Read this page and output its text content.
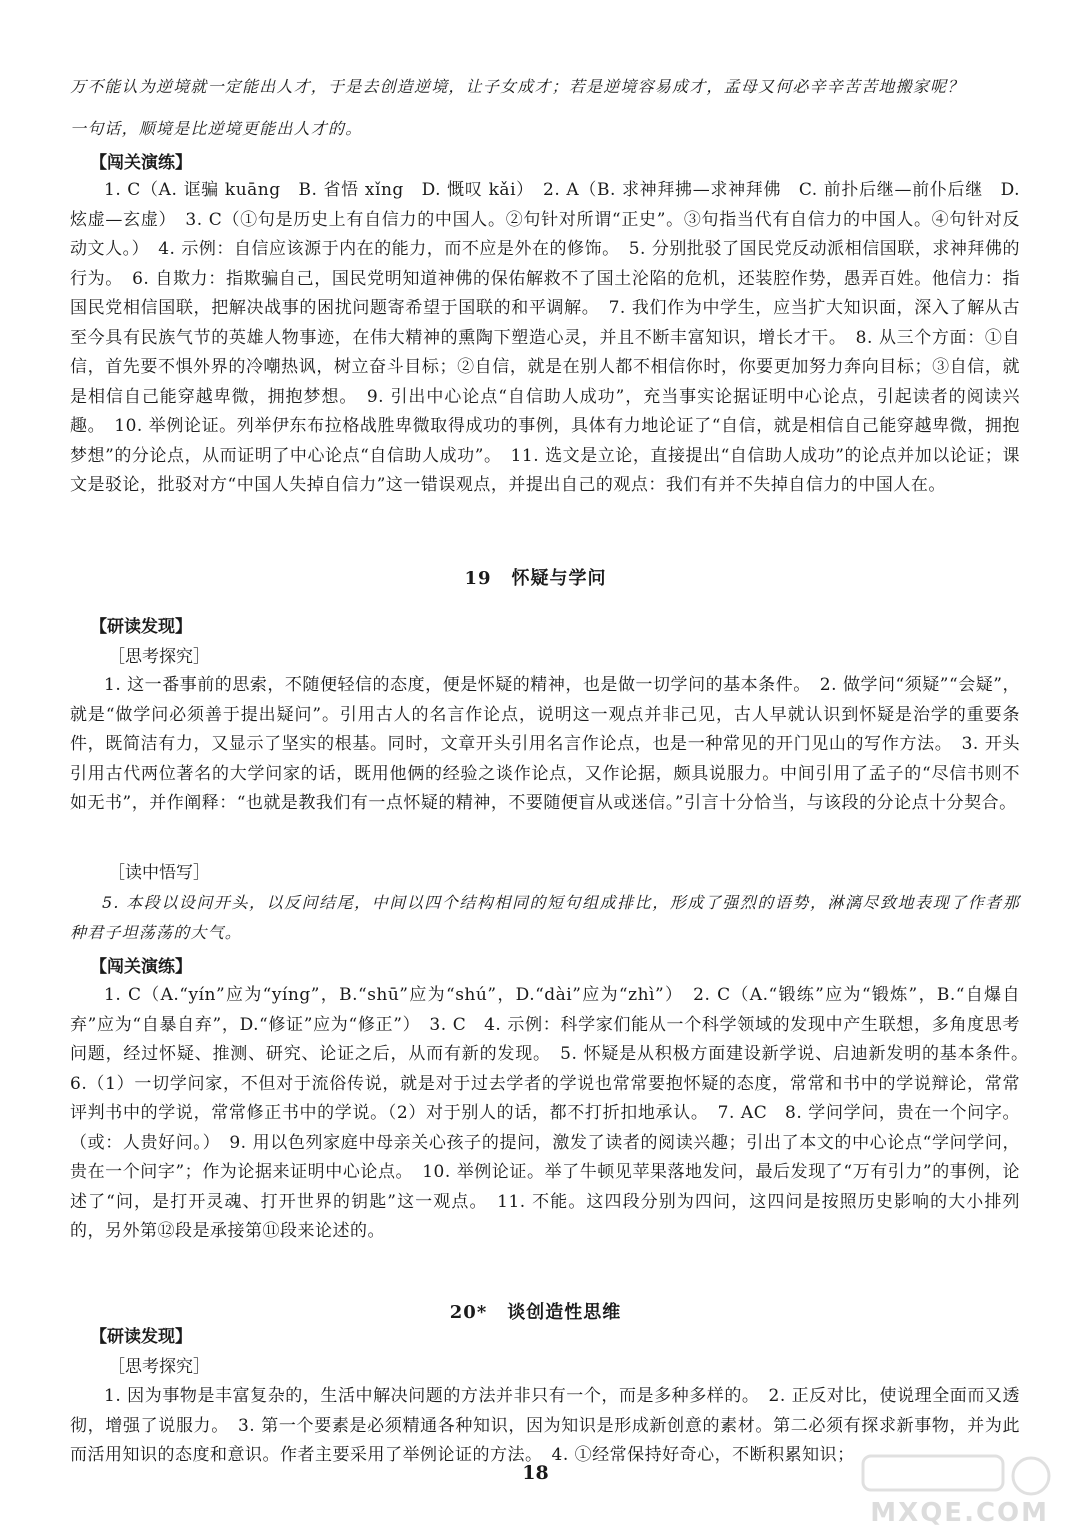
万不能认为逆境就一定能出人才，于是去创造逆境，让子女成才；若是逆境容易成才，孟母又何必辛辛苦苦地搬家呢？
一句话，顺境是比逆境更能出人才的。
【闯关演练】
1. C（A. 诓骗 kuāng　B. 省悟 xǐng　D. 慨叹 kǎi）　2. A（B. 求神拜拂—求神拜佛　C. 前扑后继—前仆后继　D. 炫虚—玄虚）　3. C（①句是历史上有自信力的中国人。②句针对所谓“正史”。③句指当代有自信力的中国人。④句针对反动文人。）　4. 示例：自信应该源于内在的能力，而不应是外在的修饰。　5. 分别批驳了国民党反动派相信国联，求神拜佛的行为。　6. 自欺力：指欺骗自己，国民党明知道神佛的保佑解救不了国土沦陷的危机，还装腔作势，愚弄百姓。他信力：指国民党相信国联，把解决战事的困扰问题寄希望于国联的和平调解。　7. 我们作为中学生，应当扩大知识面，深入了解从古至今具有民族气节的英雄人物事迹，在伟大精神的熏陶下塑造心灵，并且不断丰富知识，增长才干。　8. 从三个方面：①自信，首先要不惧外界的冷嘲热讽，树立奋斗目标；②自信，就是在别人都不相信你时，你要更加努力奔向目标；③自信，就是相信自己能穿越卑微，拥抱梦想。　9. 引出中心论点“自信助人成功”，充当事实论据证明中心论点，引起读者的阅读兴趣。　10. 举例论证。列举伊东布拉格战胜卑微取得成功的事例，具体有力地论证了“自信，就是相信自己能穿越卑微，拥抱梦想”的分论点，从而证明了中心论点“自信助人成功”。　11. 选文是立论，直接提出“自信助人成功”的论点并加以论证；课文是驳论，批驳对方“中国人失掉自信力”这一错误观点，并提出自己的观点：我们有并不失掉自信力的中国人在。
19 怀疑与学问
【研读发现】
［思考探究］
1. 这一番事前的思索，不随便轻信的态度，便是怀疑的精神，也是做一切学问的基本条件。　2. 做学问“须疑”“会疑”，就是“做学问必须善于提出疑问”。引用古人的名言作论点，说明这一观点并非己见，古人早就认识到怀疑是治学的重要条件，既简洁有力，又显示了坚实的根基。同时，文章开头引用名言作论点，也是一种常见的开门见山的写作方法。　3. 开头引用古代两位著名的大学问家的话，既用他俩的经验之谈作论点，又作论据，颇具说服力。中间引用了孟子的“尽信书则不如无书”，并作阐释：“也就是教我们有一点怀疑的精神，不要随便盲从或迷信。”引言十分恰当，与该段的分论点十分契合。
［读中悟写］
5. 本段以设问开头，以反问结尾，中间以四个结构相同的短句组成排比，形成了强烈的语势，淋漓尽致地表现了作者那种君子坦荡荡的大气。
【闯关演练】
1. C（A.“yín”应为“yíng”，B.“shū”应为“shú”，D.“dài”应为“zhì”）　2. C（A.“锻练”应为“锻炼”，B.“自爆自弃”应为“自暴自弃”，D.“修证”应为“修正”）　3. C　4. 示例：科学家们能从一个科学领域的发现中产生联想，多角度思考问题，经过怀疑、推测、研究、论证之后，从而有新的发现。　5. 怀疑是从积极方面建设新学说、启迪新发明的基本条件。　6.（1）一切学问家，不但对于流俗传说，就是对于过去学者的学说也常常要抱怀疑的态度，常常和书中的学说辩论，常常评判书中的学说，常常修正书中的学说。（2）对于别人的话，都不打折扣地承认。　7. AC　8. 学问学问，贵在一个问字。（或：人贵好问。）　9. 用以色列家庭中母亲关心孩子的提问，激发了读者的阅读兴趣；引出了本文的中心论点“学问学问，贵在一个问字”；作为论据来证明中心论点。　10. 举例论证。举了牛顿见苹果落地发问，最后发现了“万有引力”的事例，论述了“问，是打开灵魂、打开世界的钥匙”这一观点。　11. 不能。这四段分别为四问，这四问是按照历史影响的大小排列的，另外第⑫段是承接第⑪段来论述的。
20* 谈创造性思维
【研读发现】
［思考探究］
1. 因为事物是丰富复杂的，生活中解决问题的方法并非只有一个，而是多种多样的。　2. 正反对比，使说理全面而又透彻，增强了说服力。　3. 第一个要素是必须精通各种知识，因为知识是形成新创意的素材。第二必须有探求新事物，并为此而活用知识的态度和意识。作者主要采用了举例论证的方法。　4. ①经常保持好奇心，不断积累知识；
18
MXQE.COM
